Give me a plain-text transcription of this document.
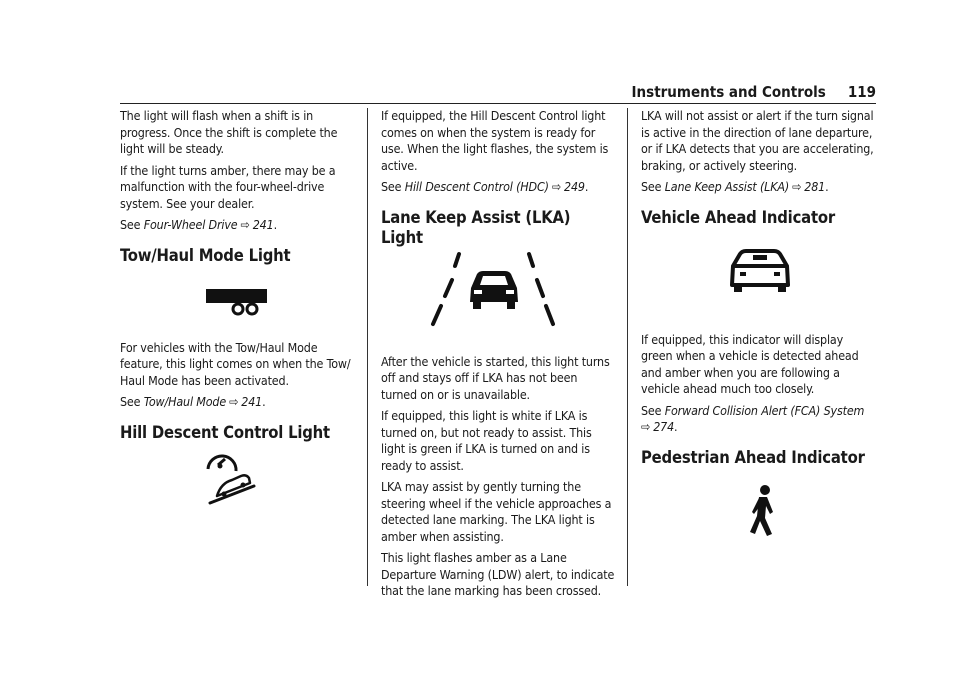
Instruments and Controls 119

The light will flash when a shift is in progress. Once the shift is complete the light will be steady.

If the light turns amber, there may be a malfunction with the four-wheel-drive system. See your dealer.

See Four-Wheel Drive ⇨ 241.

Tow/Haul Mode Light

For vehicles with the Tow/Haul Mode feature, this light comes on when the Tow/ Haul Mode has been activated.

See Tow/Haul Mode ⇨ 241.

Hill Descent Control Light

If equipped, the Hill Descent Control light comes on when the system is ready for use. When the light flashes, the system is active.

See Hill Descent Control (HDC) ⇨ 249.

Lane Keep Assist (LKA) Light

After the vehicle is started, this light turns off and stays off if LKA has not been turned on or is unavailable.

If equipped, this light is white if LKA is turned on, but not ready to assist. This light is green if LKA is turned on and is ready to assist.

LKA may assist by gently turning the steering wheel if the vehicle approaches a detected lane marking. The LKA light is amber when assisting.

This light flashes amber as a Lane Departure Warning (LDW) alert, to indicate that the lane marking has been crossed.

LKA will not assist or alert if the turn signal is active in the direction of lane departure, or if LKA detects that you are accelerating, braking, or actively steering.

See Lane Keep Assist (LKA) ⇨ 281.

Vehicle Ahead Indicator

If equipped, this indicator will display green when a vehicle is detected ahead and amber when you are following a vehicle ahead much too closely.

See Forward Collision Alert (FCA) System
⇨ 274.

Pedestrian Ahead Indicator
